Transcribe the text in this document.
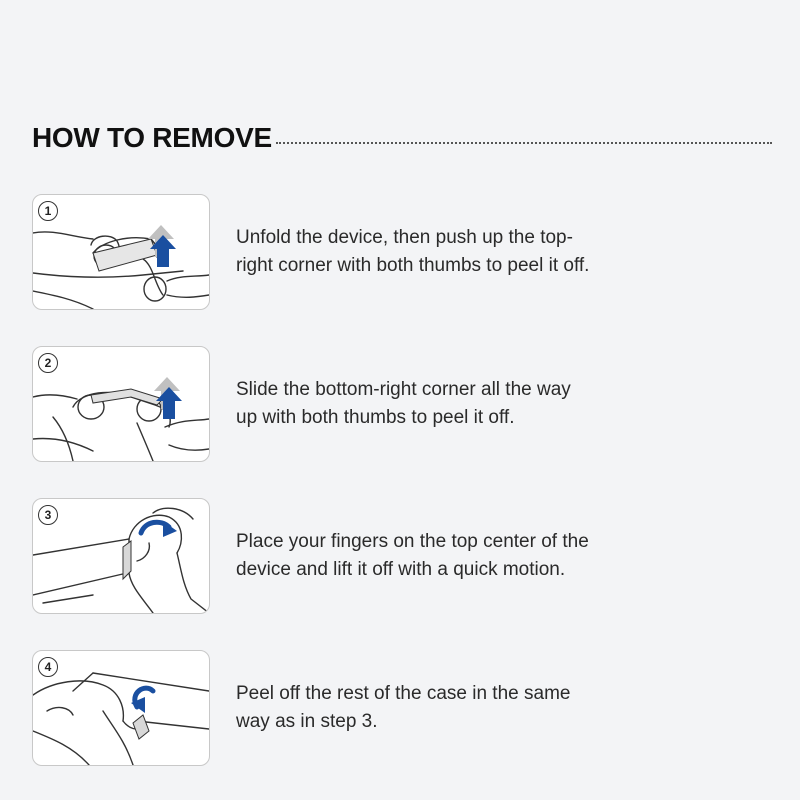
HOW TO REMOVE
1
Unfold the device, then push up the top-
right corner with both thumbs to peel it off.
2
Slide the bottom-right corner all the way
up with both thumbs to peel it off.
3
Place your fingers on the top center of the
device and lift it off with a quick motion.
4
Peel off the rest of the case in the same
way as in step 3.
